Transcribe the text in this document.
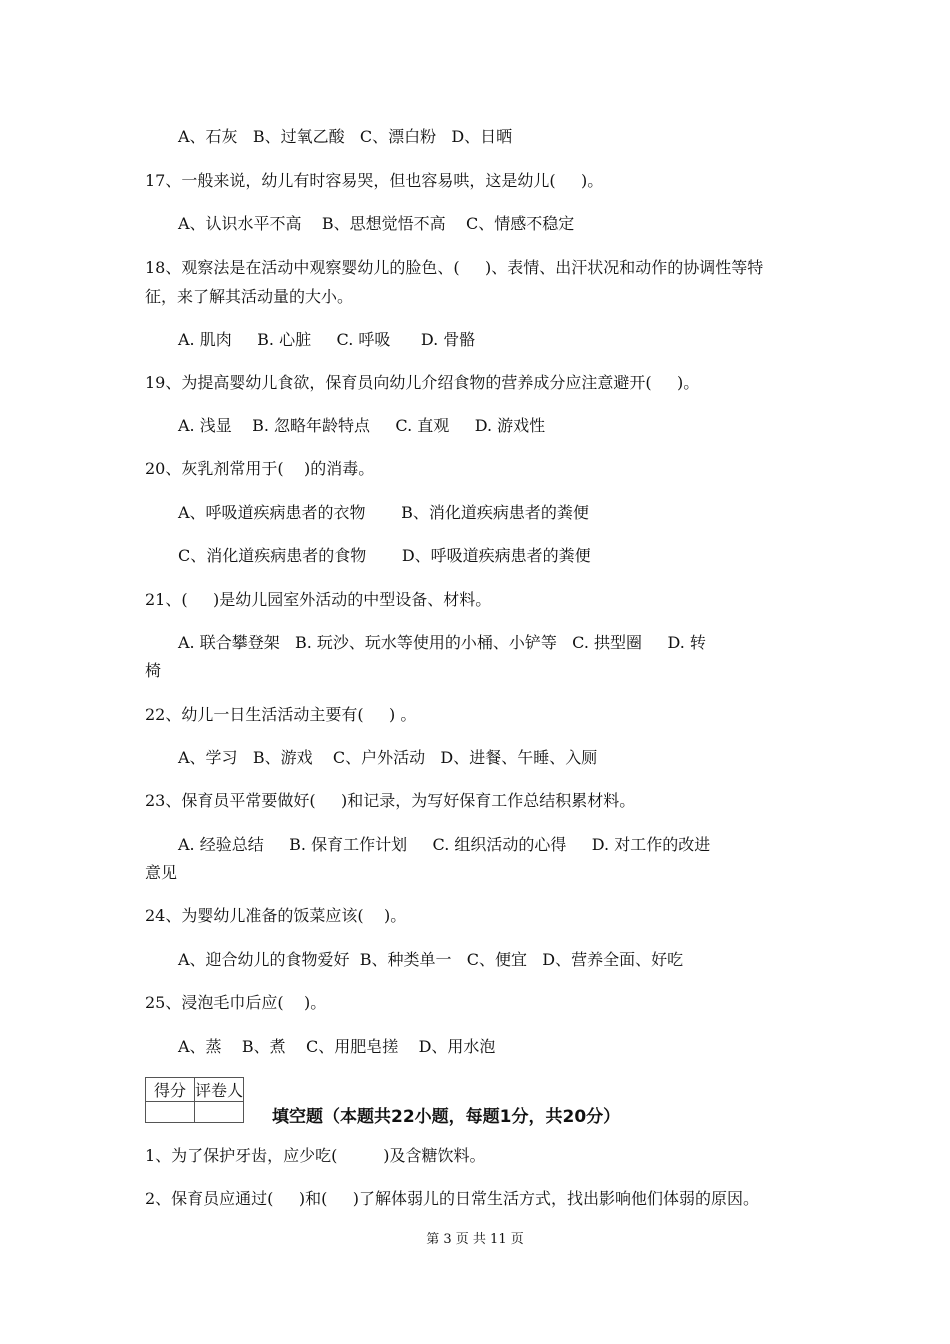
A、石灰   B、过氧乙酸   C、漂白粉   D、日晒
17、一般来说，幼儿有时容易哭，但也容易哄，这是幼儿(     )。
A、认识水平不高    B、思想觉悟不高    C、情感不稳定
18、观察法是在活动中观察婴幼儿的脸色、(     )、表情、出汗状况和动作的协调性等特
征，来了解其活动量的大小。
A. 肌肉     B. 心脏     C. 呼吸      D. 骨骼
19、为提高婴幼儿食欲，保育员向幼儿介绍食物的营养成分应注意避开(     )。
A. 浅显    B. 忽略年龄特点     C. 直观     D. 游戏性
20、灰乳剂常用于(    )的消毒。
A、呼吸道疾病患者的衣物       B、消化道疾病患者的粪便
C、消化道疾病患者的食物       D、呼吸道疾病患者的粪便
21、(     )是幼儿园室外活动的中型设备、材料。
A. 联合攀登架   B. 玩沙、玩水等使用的小桶、小铲等   C. 拱型圈     D. 转
椅
22、幼儿一日生活活动主要有(     ) 。
A、学习   B、游戏    C、户外活动   D、进餐、午睡、入厕
23、保育员平常要做好(     )和记录，为写好保育工作总结积累材料。
A. 经验总结     B. 保育工作计划     C. 组织活动的心得     D. 对工作的改进
意见
24、为婴幼儿准备的饭菜应该(    )。
A、迎合幼儿的食物爱好  B、种类单一   C、便宜   D、营养全面、好吃
25、浸泡毛巾后应(    )。
A、蒸    B、煮    C、用肥皂搓    D、用水泡
得分	评卷人

填空题（本题共22小题，每题1分，共20分）
1、为了保护牙齿，应少吃(         )及含糖饮料。
2、保育员应通过(     )和(     )了解体弱儿的日常生活方式，找出影响他们体弱的原因。
第 3 页 共 11 页
